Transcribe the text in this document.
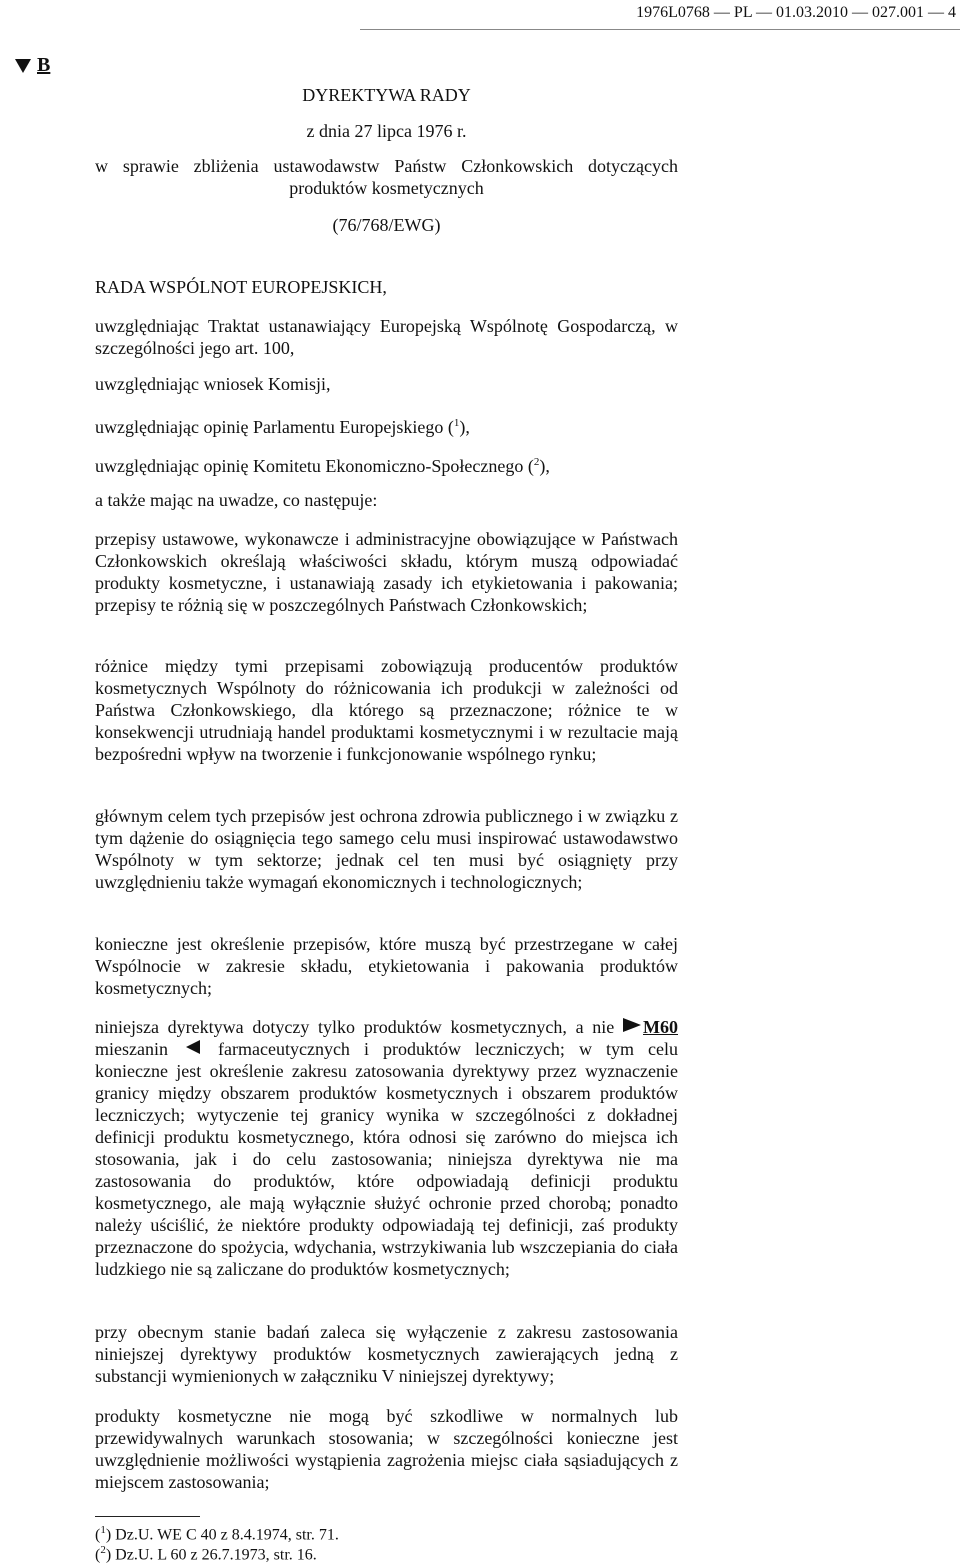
1976L0768 — PL — 01.03.2010 — 027.001 — 4
B
DYREKTYWA RADY
z dnia 27 lipca 1976 r.
w sprawie zbliżenia ustawodawstw Państw Członkowskich dotyczących produktów kosmetycznych
(76/768/EWG)

RADA WSPÓLNOT EUROPEJSKICH,

uwzględniając Traktat ustanawiający Europejską Wspólnotę Gospodarczą, w szczególności jego art. 100,

uwzględniając wniosek Komisji,

uwzględniając opinię Parlamentu Europejskiego ($^1$),

uwzględniając opinię Komitetu Ekonomiczno-Społecznego ($^2$),

a także mając na uwadze, co następuje:

przepisy ustawowe, wykonawcze i administracyjne obowiązujące w Państwach Członkowskich określają właściwości składu, którym muszą odpowiadać produkty kosmetyczne, i ustanawiają zasady ich etykietowania i pakowania; przepisy te różnią się w poszczególnych Państwach Członkowskich;

różnice między tymi przepisami zobowiązują producentów produktów kosmetycznych Wspólnoty do różnicowania ich produkcji w zależności od Państwa Członkowskiego, dla którego są przeznaczone; różnice te w konsekwencji utrudniają handel produktami kosmetycznymi i w rezultacie mają bezpośredni wpływ na tworzenie i funkcjonowanie wspólnego rynku;

głównym celem tych przepisów jest ochrona zdrowia publicznego i w związku z tym dążenie do osiągnięcia tego samego celu musi inspirować ustawodawstwo Wspólnoty w tym sektorze; jednak cel ten musi być osiągnięty przy uwzględnieniu także wymagań ekonomicznych i technologicznych;

konieczne jest określenie przepisów, które muszą być przestrzegane w całej Wspólnocie w zakresie składu, etykietowania i pakowania produktów kosmetycznych;

niniejsza dyrektywa dotyczy tylko produktów kosmetycznych, a nie M60 mieszanin  farmaceutycznych i produktów leczniczych; w tym celu konieczne jest określenie zakresu zatosowania dyrektywy przez wyznaczenie granicy między obszarem produktów kosmetycznych i obszarem produktów leczniczych; wytyczenie tej granicy wynika w szczególności z dokładnej definicji produktu kosmetycznego, która odnosi się zarówno do miejsca ich stosowania, jak i do celu zastosowania; niniejsza dyrektywa nie ma zastosowania do produktów, które odpowiadają definicji produktu kosmetycznego, ale mają wyłącznie służyć ochronie przed chorobą; ponadto należy uściślić, że niektóre produkty odpowiadają tej definicji, zaś produkty przeznaczone do spożycia, wdychania, wstrzykiwania lub wszczepiania do ciała ludzkiego nie są zaliczane do produktów kosmetycznych;

przy obecnym stanie badań zaleca się wyłączenie z zakresu zastosowania niniejszej dyrektywy produktów kosmetycznych zawierających jedną z substancji wymienionych w załączniku V niniejszej dyrektywy;

produkty kosmetyczne nie mogą być szkodliwe w normalnych lub przewidywalnych warunkach stosowania; w szczególności konieczne jest uwzględnienie możliwości wystąpienia zagrożenia miejsc ciała sąsiadujących z miejscem zastosowania;

($^1$) Dz.U. WE C 40 z 8.4.1974, str. 71.
($^2$) Dz.U. L 60 z 26.7.1973, str. 16.
